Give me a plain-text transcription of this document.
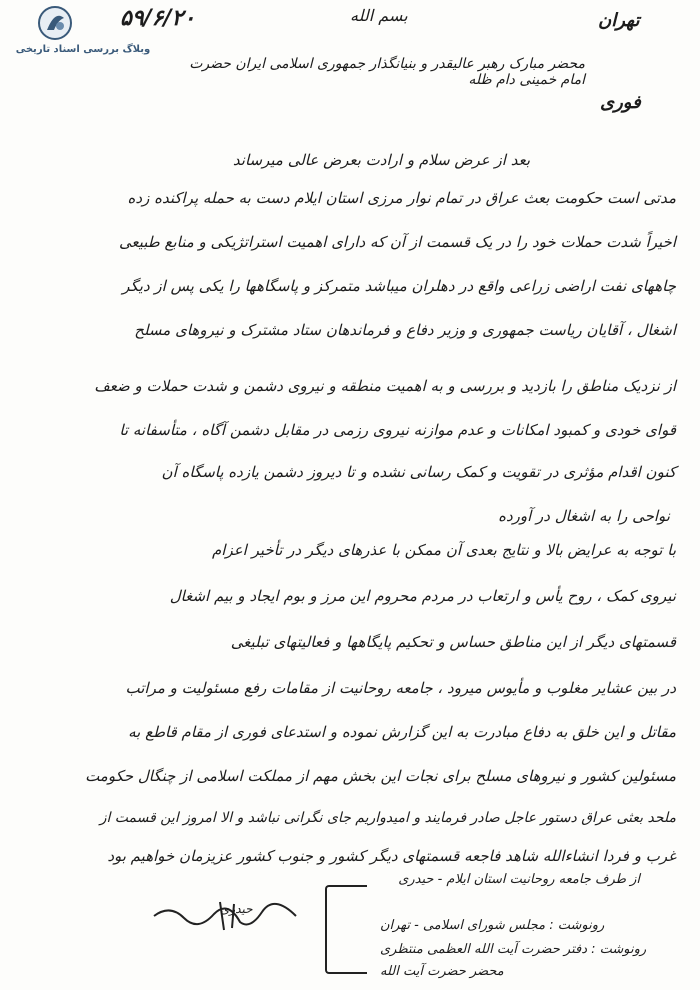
وبلاگ بررسی اسناد تاریخی
۵۹/۶/۲۰	بسم الله	تهران
فوری
محضر مبارک رهبر عالیقدر و بنیانگذار جمهوری اسلامی ایران حضرت امام خمینی دام ظله
بعد از عرض سلام و ارادت بعرض عالی میرساند
مدتی است حکومت بعث عراق در تمام نوار مرزی استان ایلام دست به حمله پراکنده زده
اخیراً شدت حملات خود را در یک قسمت از آن که دارای اهمیت استراتژیکی و منابع طبیعی
چاههای نفت اراضی زراعی واقع در دهلران میباشد متمرکز و پاسگاهها را یکی پس از دیگر
اشغال ، آقایان ریاست جمهوری و وزیر دفاع و فرماندهان ستاد مشترک و نیروهای مسلح
از نزدیک مناطق را بازدید و بررسی و به اهمیت منطقه و نیروی دشمن و شدت حملات و ضعف
قوای خودی و کمبود امکانات و عدم موازنه نیروی رزمی در مقابل دشمن آگاه ، متأسفانه تا
کنون اقدام مؤثری در تقویت و کمک رسانی نشده و تا دیروز دشمن یازده پاسگاه آن
نواحی را به اشغال در آورده
با توجه به عرایض بالا و نتایج بعدی آن ممکن با عذرهای دیگر در تأخیر اعزام
نیروی کمک ، روح یأس و ارتعاب در مردم محروم این مرز و بوم ایجاد و بیم اشغال
قسمتهای دیگر از این مناطق حساس و تحکیم پایگاهها و فعالیتهای تبلیغی
در بین عشایر مغلوب و مأیوس میرود ، جامعه روحانیت از مقامات رفع مسئولیت و مراتب
مقاتل و این خلق به دفاع مبادرت به این گزارش نموده و استدعای فوری از مقام قاطع به
مسئولین کشور و نیروهای مسلح برای نجات این بخش مهم از مملکت اسلامی از چنگال حکومت
ملحد بعثی عراق دستور عاجل صادر فرمایند و امیدواریم جای نگرانی نباشد و الا امروز این قسمت از
غرب و فردا انشاءالله شاهد فاجعه قسمتهای دیگر کشور و جنوب کشور عزیزمان خواهیم بود
از طرف جامعه روحانیت استان ایلام - حیدری
حیدری
رونوشت : مجلس شورای اسلامی - تهران
رونوشت : دفتر حضرت آیت الله العظمی منتظری
محضر حضرت آیت الله
